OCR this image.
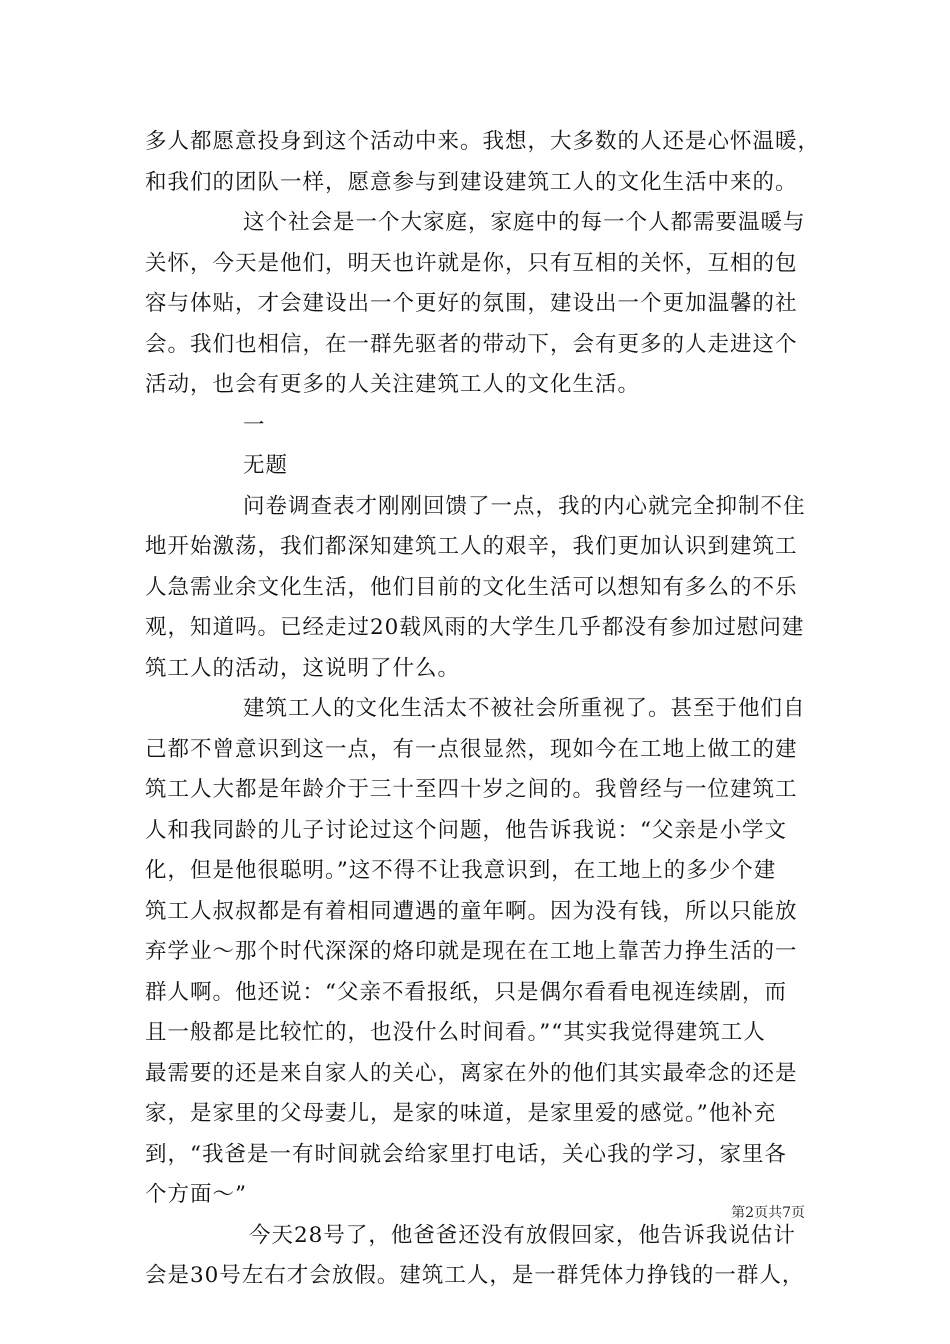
多人都愿意投身到这个活动中来。我想，大多数的人还是心怀温暖，
和我们的团队一样，愿意参与到建设建筑工人的文化生活中来的。
这个社会是一个大家庭，家庭中的每一个人都需要温暖与
关怀，今天是他们，明天也许就是你，只有互相的关怀，互相的包
容与体贴，才会建设出一个更好的氛围，建设出一个更加温馨的社
会。我们也相信，在一群先驱者的带动下，会有更多的人走进这个
活动，也会有更多的人关注建筑工人的文化生活。
一
无题
问卷调查表才刚刚回馈了一点，我的内心就完全抑制不住
地开始激荡，我们都深知建筑工人的艰辛，我们更加认识到建筑工
人急需业余文化生活，他们目前的文化生活可以想知有多么的不乐
观，知道吗。已经走过20载风雨的大学生几乎都没有参加过慰问建
筑工人的活动，这说明了什么。
建筑工人的文化生活太不被社会所重视了。甚至于他们自
己都不曾意识到这一点，有一点很显然，现如今在工地上做工的建
筑工人大都是年龄介于三十至四十岁之间的。我曾经与一位建筑工
人和我同龄的儿子讨论过这个问题，他告诉我说：“父亲是小学文
化，但是他很聪明。”这不得不让我意识到，在工地上的多少个建
筑工人叔叔都是有着相同遭遇的童年啊。因为没有钱，所以只能放
弃学业～那个时代深深的烙印就是现在在工地上靠苦力挣生活的一
群人啊。他还说：“父亲不看报纸，只是偶尔看看电视连续剧，而
且一般都是比较忙的，也没什么时间看。”“其实我觉得建筑工人
最需要的还是来自家人的关心，离家在外的他们其实最牵念的还是
家，是家里的父母妻儿，是家的味道，是家里爱的感觉。”他补充
到，“我爸是一有时间就会给家里打电话，关心我的学习，家里各
个方面～”
今天28号了，他爸爸还没有放假回家，他告诉我说估计
会是30号左右才会放假。建筑工人，是一群凭体力挣钱的一群人，
第2页共7页
